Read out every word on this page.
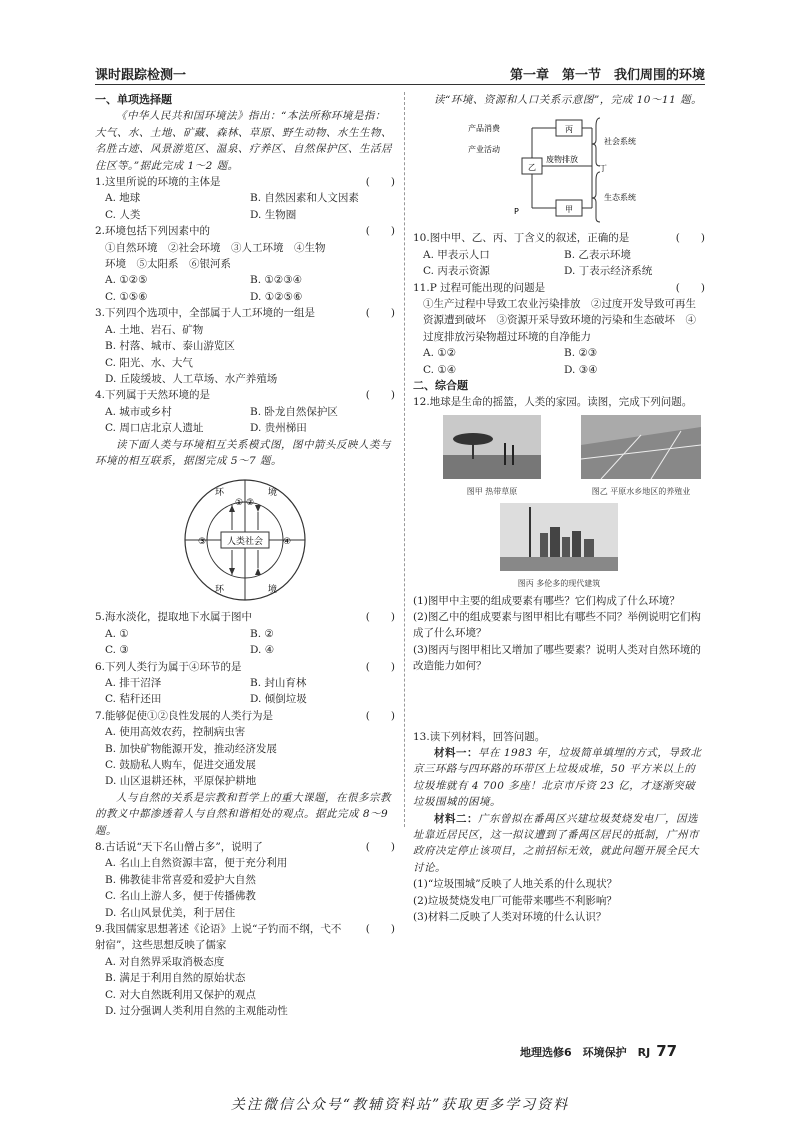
课时跟踪检测一	第一章　第一节　我们周围的环境
一、单项选择题

《中华人民共和国环境法》指出：“本法所称环境是指：大气、水、土地、矿藏、森林、草原、野生动物、水生生物、名胜古迹、风景游览区、温泉、疗养区、自然保护区、生活居住区等。”据此完成 1～2 题。

1.这里所说的环境的主体是	(　　)
A. 地球	B. 自然因素和人文因素
C. 人类	D. 生物圈
2.环境包括下列因素中的	(　　)
①自然环境　②社会环境　③人工环境　④生物
环境　⑤太阳系　⑥银河系
A. ①②⑤	B. ①②③④
C. ①⑤⑥	D. ①②⑤⑥
3.下列四个选项中，全部属于人工环境的一组是	(　　)
A. 土地、岩石、矿物
B. 村落、城市、泰山游览区
C. 阳光、水、大气
D. 丘陵缓坡、人工草场、水产养殖场
4.下列属于天然环境的是	(　　)
A. 城市或乡村	B. 卧龙自然保护区
C. 周口店北京人遗址	D. 贵州梯田

读下面人类与环境相互关系模式图，图中箭头反映人类与环境的相互联系，据图完成 5～7 题。

人类社会
环	境
环	境
① ②
③	④
5.海水淡化，提取地下水属于图中	(　　)
A. ①	B. ②
C. ③	D. ④
6.下列人类行为属于④环节的是	(　　)
A. 排干沼泽	B. 封山育林
C. 秸秆还田	D. 倾倒垃圾
7.能够促使①②良性发展的人类行为是	(　　)
A. 使用高效农药，控制病虫害
B. 加快矿物能源开发，推动经济发展
C. 鼓励私人购车，促进交通发展
D. 山区退耕还林，平原保护耕地

人与自然的关系是宗教和哲学上的重大课题，在很多宗教的教义中都渗透着人与自然和谐相处的观点。据此完成 8～9 题。

8.古话说“天下名山僧占多”，说明了	(　　)
A. 名山上自然资源丰富，便于充分利用
B. 佛教徒非常喜爱和爱护大自然
C. 名山上游人多，便于传播佛教
D. 名山风景优美，利于居住
9.我国儒家思想著述《论语》上说“子钓而不纲，弋不射宿”，这些思想反映了儒家
(　　)
A. 对自然界采取消极态度
B. 满足于利用自然的原始状态
C. 对大自然既利用又保护的观点
D. 过分强调人类利用自然的主观能动性

读“环境、资源和人口关系示意图”，完成 10～11 题。

丙
乙
甲
产品消费
产业活动
废物排放
社会系统
生态系统
丁
P
10.图中甲、乙、丙、丁含义的叙述，正确的是	(　　)
A. 甲表示人口	B. 乙表示环境
C. 丙表示资源	D. 丁表示经济系统
11.P 过程可能出现的问题是	(　　)
①生产过程中导致工农业污染排放　②过度开发导致可再生资源遭到破坏　③资源开采导致环境的污染和生态破坏　④过度排放污染物超过环境的自净能力
A. ①②	B. ②③
C. ①④	D. ③④
二、综合题
12.地球是生命的摇篮，人类的家园。读图，完成下列问题。
图甲 热带草原	图乙 平原水乡地区的养殖业
图丙 多伦多的现代建筑
(1)图甲中主要的组成要素有哪些？它们构成了什么环境？
(2)图乙中的组成要素与图甲相比有哪些不同？举例说明它们构成了什么环境？
(3)图丙与图甲相比又增加了哪些要素？说明人类对自然环境的改造能力如何？
13.读下列材料，回答问题。

材料一：早在 1983 年，垃圾简单填埋的方式，导致北京三环路与四环路的环带区上垃圾成堆，50 平方米以上的垃圾堆就有 4 700 多座！北京市斥资 23 亿，才逐渐突破垃圾围城的困境。

材料二：广东曾拟在番禺区兴建垃圾焚烧发电厂，因选址靠近居民区，这一拟议遭到了番禺区居民的抵制，广州市政府决定停止该项目，之前招标无效，就此问题开展全民大讨论。

(1)“垃圾围城”反映了人地关系的什么现状？
(2)垃圾焚烧发电厂可能带来哪些不利影响？
(3)材料二反映了人类对环境的什么认识？
地理选修6　环境保护　RJ 77
关注微信公众号“教辅资料站”获取更多学习资料
